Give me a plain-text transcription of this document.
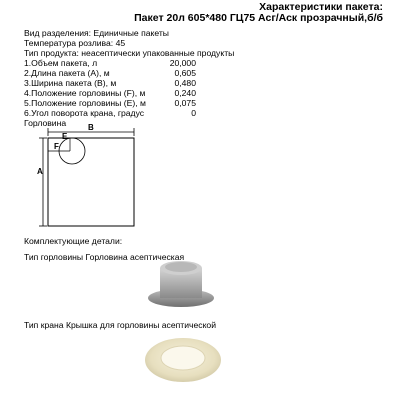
Характеристики пакета:
Пакет 20л 605*480 ГЦ75 Асг/Аск прозрачный,б/б
Вид разделения: Единичные пакеты
Температура розлива: 45
Тип продукта: неасептически упакованные продукты
1.Объем пакета, л	20,000
2.Длина пакета (A), м	0,605
3.Ширина пакета (B), м	0,480
4.Положение горловины (F), м	0,240
5.Положение горловины (E), м	0,075
6.Угол поворота крана, градус	0
Горловина	B
A
E
F
Комплектующие детали:
Тип горловины Горловина асептическая
Тип крана Крышка для горловины асептической
